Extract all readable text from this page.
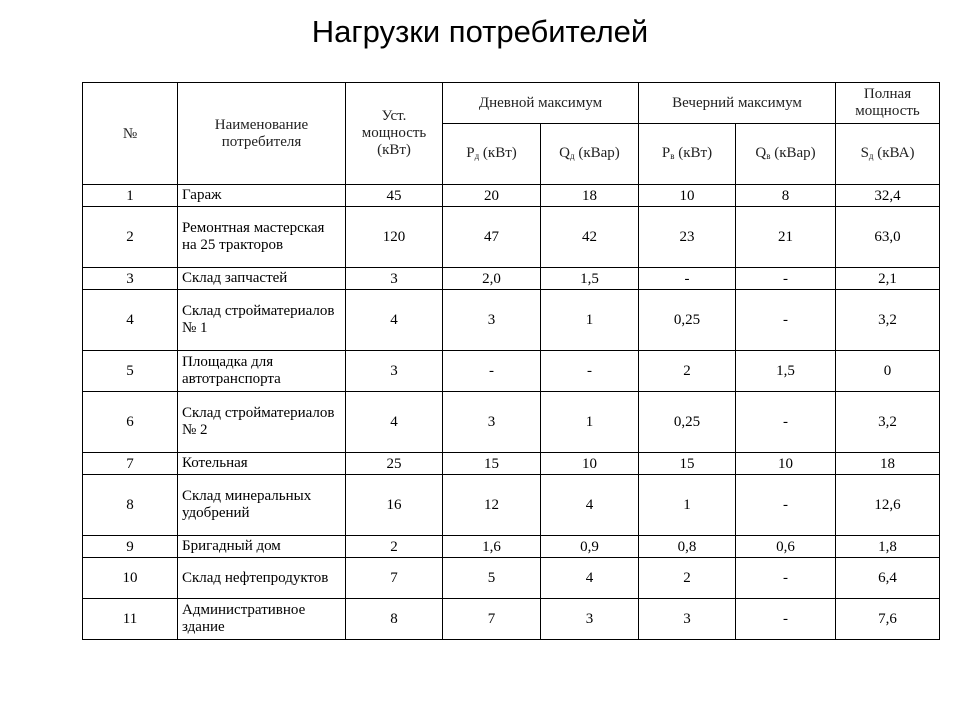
Нагрузки потребителей
№	Наименование потребителя	Уст. мощность (кВт)	Дневной максимум		Вечерний максимум		Полная мощность
			$P_д$ (кВт)	$Q_д$ (кВар)	$P_в$ (кВт)	$Q_в$ (кВар)	$S_д$ (кВА)
1	Гараж	45	20	18	10	8	32,4
2	Ремонтная мастерская на 25 тракторов	120	47	42	23	21	63,0
3	Склад запчастей	3	2,0	1,5	-	-	2,1
4	Склад стройматериалов № 1	4	3	1	0,25	-	3,2
5	Площадка для автотранспорта	3	-	-	2	1,5	0
6	Склад стройматериалов № 2	4	3	1	0,25	-	3,2
7	Котельная	25	15	10	15	10	18
8	Склад минеральных удобрений	16	12	4	1	-	12,6
9	Бригадный дом	2	1,6	0,9	0,8	0,6	1,8
10	Склад нефтепродуктов	7	5	4	2	-	6,4
11	Административное здание	8	7	3	3	-	7,6
